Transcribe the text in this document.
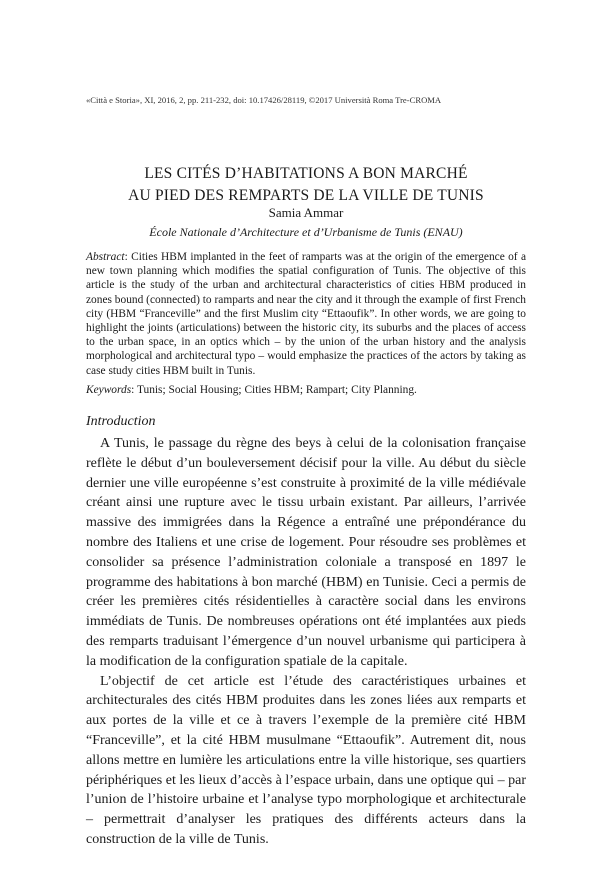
«Città e Storia», XI, 2016, 2, pp. 211-232, doi: 10.17426/28119, ©2017 Università Roma Tre-CROMA
LES CITÉS D’HABITATIONS A BON MARCHÉ
AU PIED DES REMPARTS DE LA VILLE DE TUNIS
Samia Ammar
École Nationale d’Architecture et d’Urbanisme de Tunis (ENAU)
Abstract: Cities HBM implanted in the feet of ramparts was at the origin of the emergence of a new town planning which modifies the spatial configuration of Tunis. The objective of this article is the study of the urban and architectural characteristics of cities HBM produced in zones bound (connected) to ramparts and near the city and it through the example of first French city (HBM “Franceville” and the first Muslim city “Ettaoufik”. In other words, we are going to highlight the joints (articulations) between the historic city, its suburbs and the places of access to the urban space, in an optics which – by the union of the urban history and the analysis morphological and architectural typo – would emphasize the practices of the actors by taking as case study cities HBM built in Tunis.
Keywords: Tunis; Social Housing; Cities HBM; Rampart; City Planning.
Introduction

A Tunis, le passage du règne des beys à celui de la colonisation française reflète le début d’un bouleversement décisif pour la ville. Au début du siècle dernier une ville européenne s’est construite à proximité de la ville médiévale créant ainsi une rupture avec le tissu urbain existant. Par ailleurs, l’arrivée massive des immigrées dans la Régence a entraîné une prépondérance du nombre des Italiens et une crise de logement. Pour résoudre ses problèmes et consolider sa présence l’administration coloniale a transposé en 1897 le programme des habitations à bon marché (HBM) en Tunisie. Ceci a permis de créer les premières cités résidentielles à caractère social dans les environs immédiats de Tunis. De nombreuses opérations ont été implantées aux pieds des remparts traduisant l’émergence d’un nouvel urbanisme qui participera à la modification de la configuration spatiale de la capitale.

L’objectif de cet article est l’étude des caractéristiques urbaines et architecturales des cités HBM produites dans les zones liées aux remparts et aux portes de la ville et ce à travers l’exemple de la première cité HBM “Franceville”, et la cité HBM musulmane “Ettaoufik”. Autrement dit, nous allons mettre en lumière les articulations entre la ville historique, ses quartiers périphériques et les lieux d’accès à l’espace urbain, dans une optique qui – par l’union de l’histoire urbaine et l’analyse typo morphologique et architecturale – permettrait d’analyser les pratiques des différents acteurs dans la construction de la ville de Tunis.
